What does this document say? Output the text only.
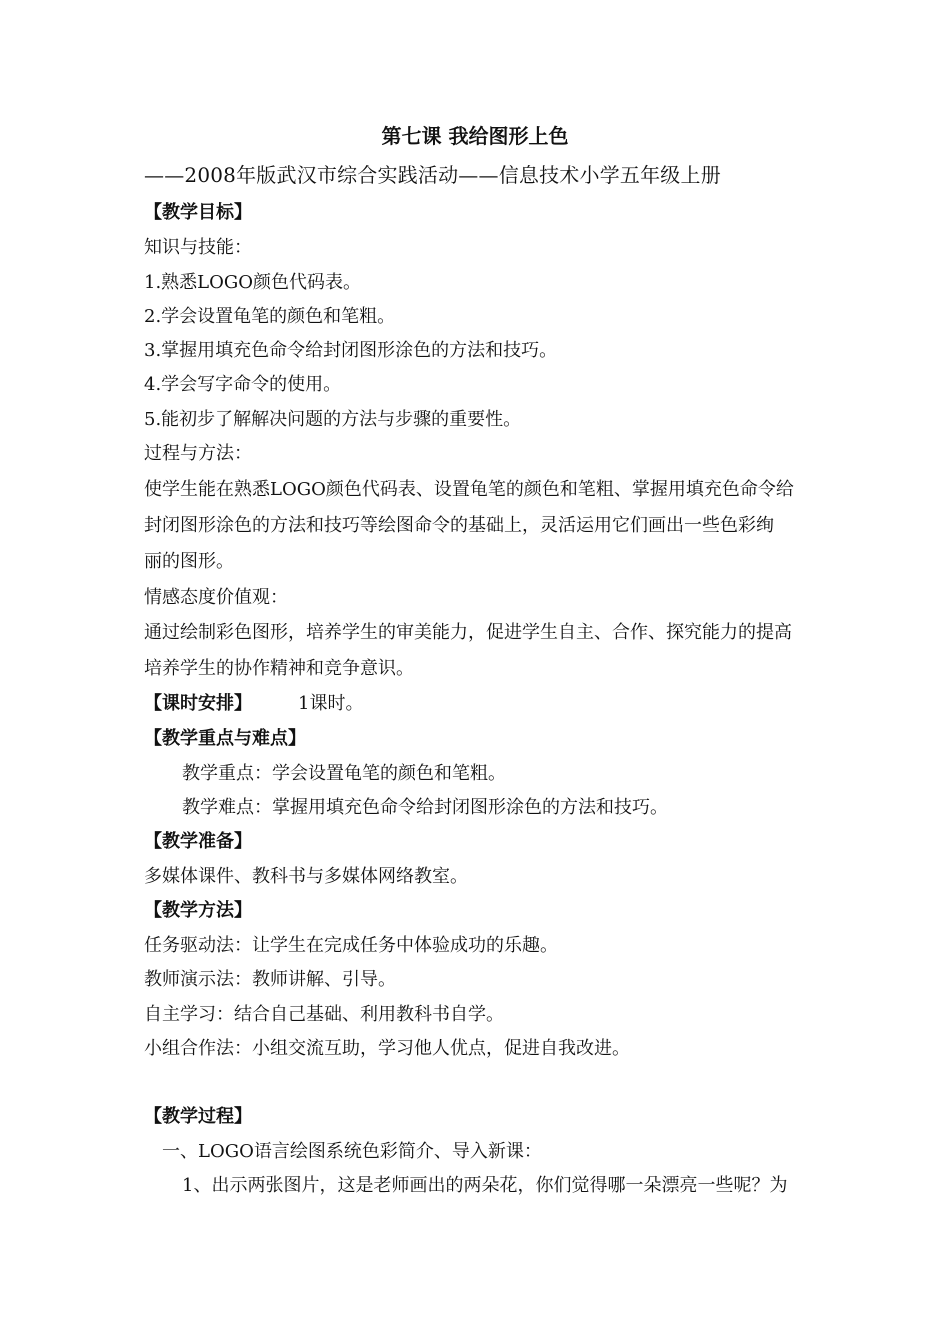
第七课 我给图形上色
——2008年版武汉市综合实践活动——信息技术小学五年级上册
【教学目标】
知识与技能：
1.熟悉LOGO颜色代码表。
2.学会设置龟笔的颜色和笔粗。
3.掌握用填充色命令给封闭图形涂色的方法和技巧。
4.学会写字命令的使用。
5.能初步了解解决问题的方法与步骤的重要性。
过程与方法：
使学生能在熟悉LOGO颜色代码表、设置龟笔的颜色和笔粗、掌握用填充色命令给
封闭图形涂色的方法和技巧等绘图命令的基础上，灵活运用它们画出一些色彩绚
丽的图形。
情感态度价值观：
通过绘制彩色图形，培养学生的审美能力，促进学生自主、合作、探究能力的提高
培养学生的协作精神和竞争意识。
【课时安排】	1课时。
【教学重点与难点】
教学重点：学会设置龟笔的颜色和笔粗。
教学难点：掌握用填充色命令给封闭图形涂色的方法和技巧。
【教学准备】
多媒体课件、教科书与多媒体网络教室。
【教学方法】
任务驱动法：让学生在完成任务中体验成功的乐趣。
教师演示法：教师讲解、引导。
自主学习：结合自己基础、利用教科书自学。
小组合作法：小组交流互助，学习他人优点，促进自我改进。
【教学过程】
一、LOGO语言绘图系统色彩简介、导入新课：
1、出示两张图片，这是老师画出的两朵花，你们觉得哪一朵漂亮一些呢？为
